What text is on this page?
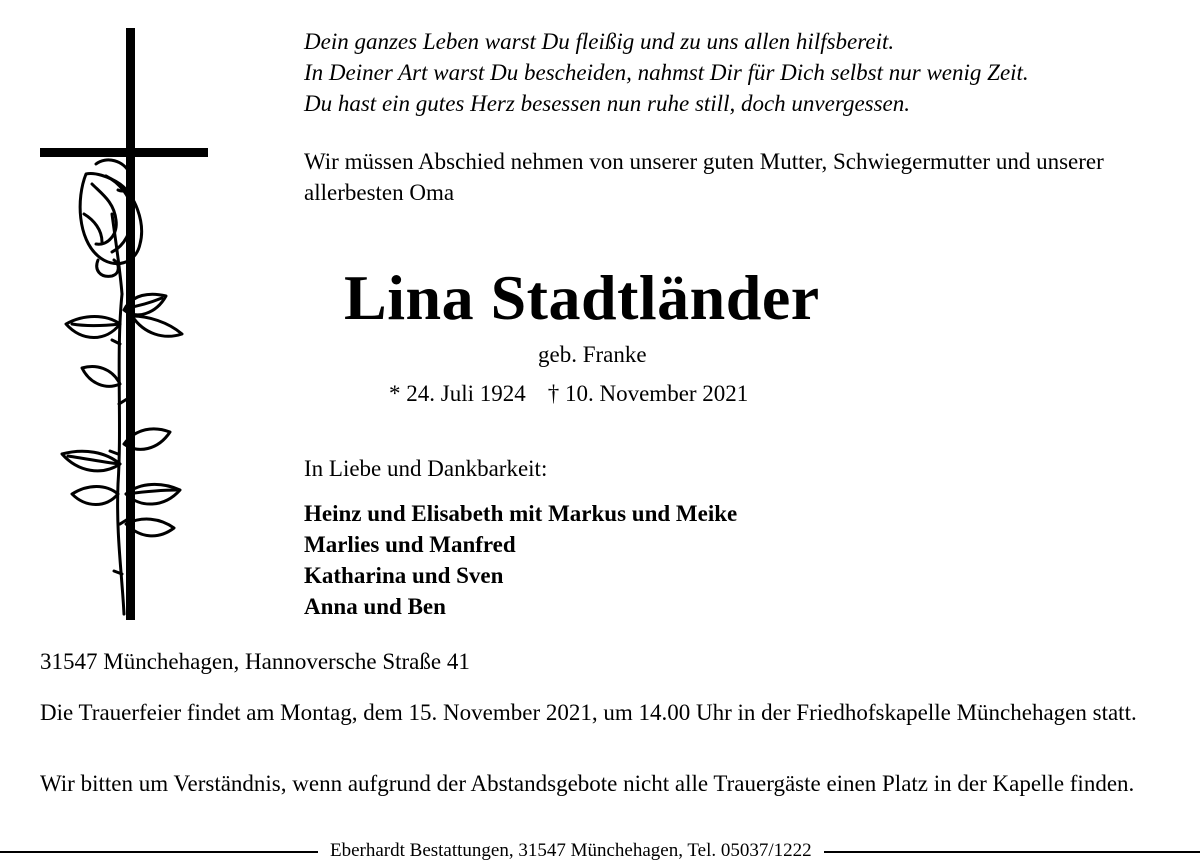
Dein ganzes Leben warst Du fleißig und zu uns allen hilfsbereit.
In Deiner Art warst Du bescheiden, nahmst Dir für Dich selbst nur wenig Zeit.
Du hast ein gutes Herz besessen nun ruhe still, doch unvergessen.

Wir müssen Abschied nehmen von unserer guten Mutter, Schwiegermutter und unserer allerbesten Oma

Lina Stadtländer
geb. Franke
* 24. Juli 1924 † 10. November 2021
In Liebe und Dankbarkeit:
Heinz und Elisabeth mit Markus und Meike
Marlies und Manfred
Katharina und Sven
Anna und Ben
31547 Münchehagen, Hannoversche Straße 41

Die Trauerfeier findet am Montag, dem 15. November 2021, um 14.00 Uhr in der Friedhofskapelle Münchehagen statt.

Wir bitten um Verständnis, wenn aufgrund der Abstandsgebote nicht alle Trauergäste einen Platz in der Kapelle finden.

Eberhardt Bestattungen, 31547 Münchehagen, Tel. 05037/1222
